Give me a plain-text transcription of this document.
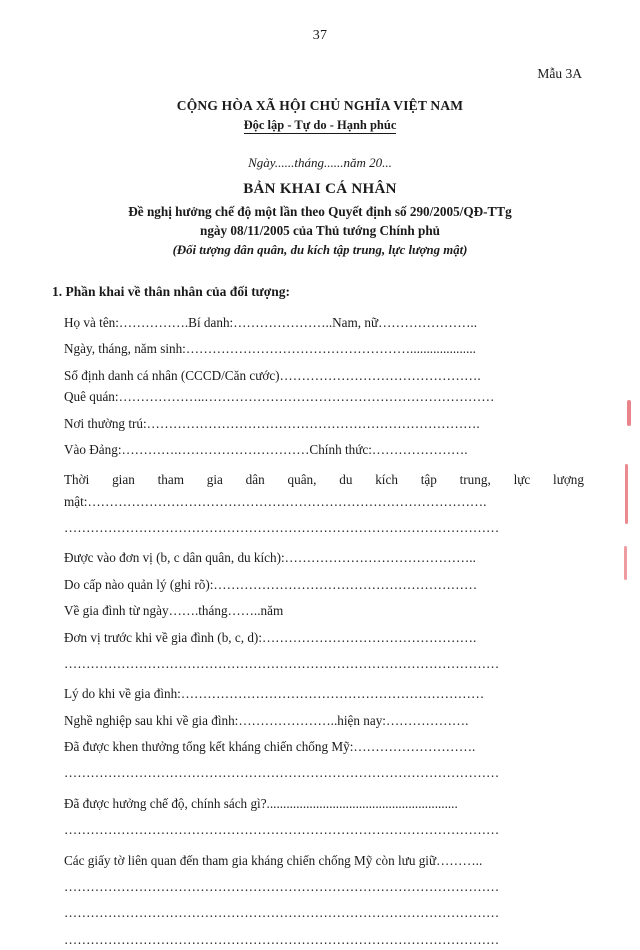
37
Mẫu 3A
CỘNG HÒA XÃ HỘI CHỦ NGHĨA VIỆT NAM
Độc lập - Tự do - Hạnh phúc
Ngày......tháng......năm 20...
BẢN KHAI CÁ NHÂN
Đề nghị hưởng chế độ một lần theo Quyết định số 290/2005/QĐ-TTg
ngày 08/11/2005 của Thủ tướng Chính phủ
(Đối tượng dân quân, du kích tập trung, lực lượng mật)
1. Phần khai về thân nhân của đối tượng:
Họ và tên:…………….Bí danh:…………………..Nam, nữ…………………..
Ngày, tháng, năm sinh:……………………………………………....................
Số định danh cá nhân (CCCD/Căn cước)……………………………………….
Quê quán:………………..…………………………………………………………
Nơi thường trú:………………………………………………………………….
Vào Đảng:………….…………………………Chính thức:………………….
Thời gian tham gia dân quân, du kích tập trung, lực lượng
mật:……………………………………………………………………………….
………………………………………………………………………………………
Được vào đơn vị (b, c dân quân, du kích):……………………………………..
Do cấp nào quản lý (ghi rõ):……………………………………………………
Về gia đình từ ngày…….tháng……..năm
Đơn vị trước khi về gia đình (b, c, d):………………………………………….
………………………………………………………………………………………
Lý do khi về gia đình:……………………………………………………………
Nghề nghiệp sau khi về gia đình:…………………..hiện nay:……………….
Đã được khen thưởng tổng kết kháng chiến chống Mỹ:……………………….
………………………………………………………………………………………
Đã được hưởng chế độ, chính sách gì?..........................................................
………………………………………………………………………………………
Các giấy tờ liên quan đến tham gia kháng chiến chống Mỹ còn lưu giữ………..
………………………………………………………………………………………
………………………………………………………………………………………
………………………………………………………………………………………
